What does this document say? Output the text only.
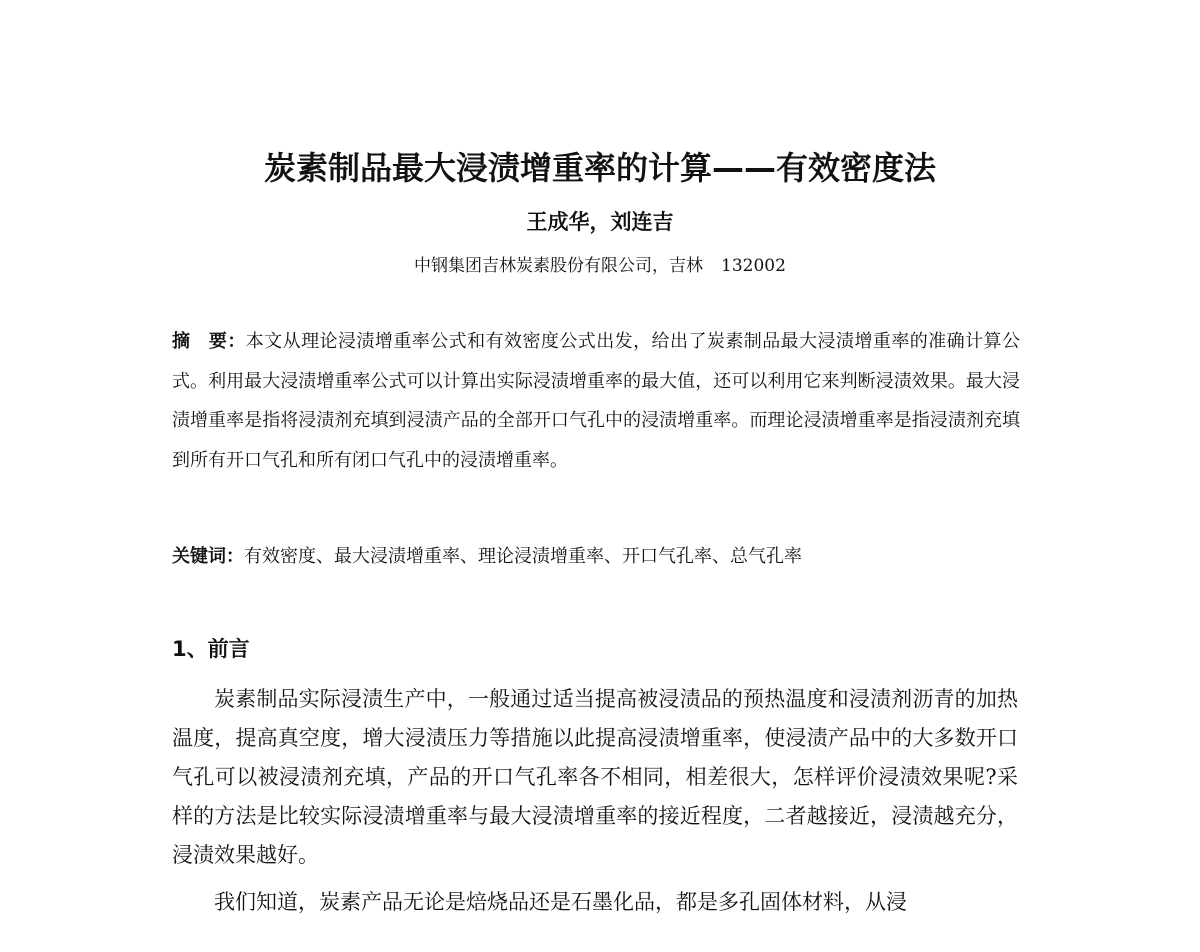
炭素制品最大浸渍增重率的计算——有效密度法
王成华，刘连吉
中钢集团吉林炭素股份有限公司，吉林 132002
摘　要：本文从理论浸渍增重率公式和有效密度公式出发，给出了炭素制品最大浸渍增重率的准确计算公式。利用最大浸渍增重率公式可以计算出实际浸渍增重率的最大值，还可以利用它来判断浸渍效果。最大浸渍增重率是指将浸渍剂充填到浸渍产品的全部开口气孔中的浸渍增重率。而理论浸渍增重率是指浸渍剂充填到所有开口气孔和所有闭口气孔中的浸渍增重率。
关键词：有效密度、最大浸渍增重率、理论浸渍增重率、开口气孔率、总气孔率
1、前言

炭素制品实际浸渍生产中，一般通过适当提高被浸渍品的预热温度和浸渍剂沥青的加热温度，提高真空度，增大浸渍压力等措施以此提高浸渍增重率，使浸渍产品中的大多数开口气孔可以被浸渍剂充填，产品的开口气孔率各不相同，相差很大，怎样评价浸渍效果呢?采样的方法是比较实际浸渍增重率与最大浸渍增重率的接近程度，二者越接近，浸渍越充分，浸渍效果越好。

我们知道，炭素产品无论是焙烧品还是石墨化品，都是多孔固体材料，从浸
